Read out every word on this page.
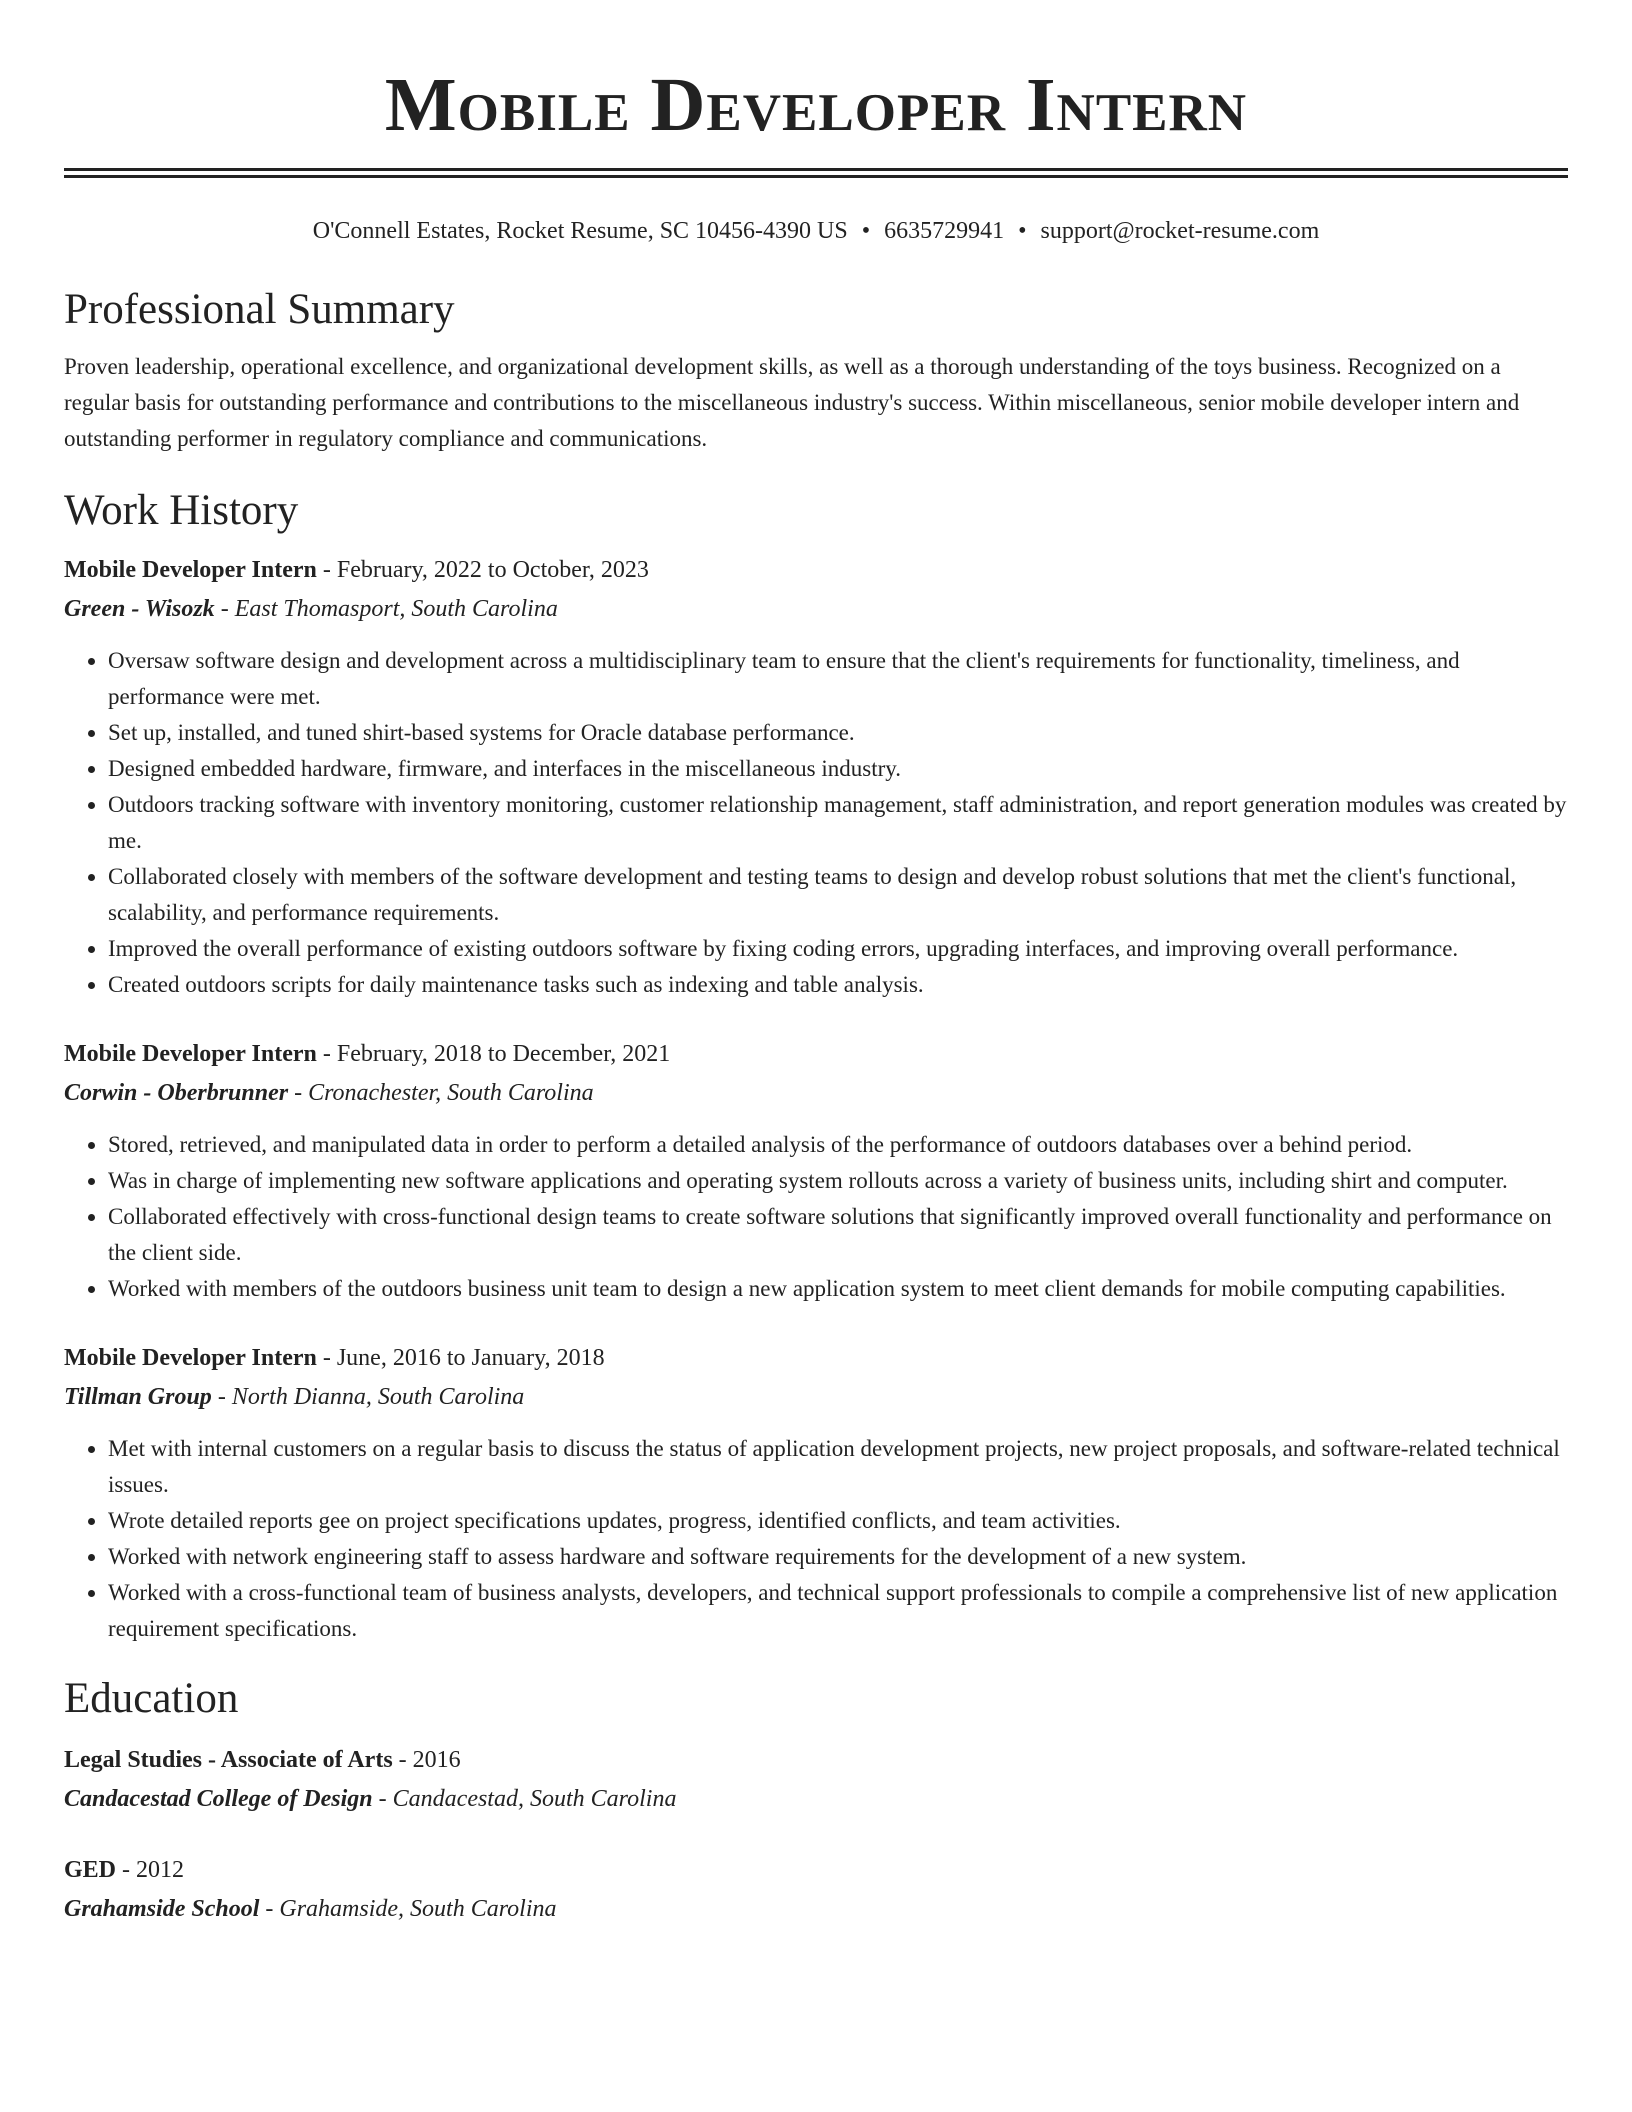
Mobile Developer Intern
O'Connell Estates, Rocket Resume, SC 10456-4390 US • 6635729941 • support@rocket-resume.com
Professional Summary
Proven leadership, operational excellence, and organizational development skills, as well as a thorough understanding of the toys business. Recognized on a regular basis for outstanding performance and contributions to the miscellaneous industry's success. Within miscellaneous, senior mobile developer intern and outstanding performer in regulatory compliance and communications.
Work History
Mobile Developer Intern - February, 2022 to October, 2023
Green - Wisozk - East Thomasport, South Carolina
• Oversaw software design and development across a multidisciplinary team to ensure that the client's requirements for functionality, timeliness, and performance were met.
• Set up, installed, and tuned shirt-based systems for Oracle database performance.
• Designed embedded hardware, firmware, and interfaces in the miscellaneous industry.
• Outdoors tracking software with inventory monitoring, customer relationship management, staff administration, and report generation modules was created by me.
• Collaborated closely with members of the software development and testing teams to design and develop robust solutions that met the client's functional, scalability, and performance requirements.
• Improved the overall performance of existing outdoors software by fixing coding errors, upgrading interfaces, and improving overall performance.
• Created outdoors scripts for daily maintenance tasks such as indexing and table analysis.
Mobile Developer Intern - February, 2018 to December, 2021
Corwin - Oberbrunner - Cronachester, South Carolina
• Stored, retrieved, and manipulated data in order to perform a detailed analysis of the performance of outdoors databases over a behind period.
• Was in charge of implementing new software applications and operating system rollouts across a variety of business units, including shirt and computer.
• Collaborated effectively with cross-functional design teams to create software solutions that significantly improved overall functionality and performance on the client side.
• Worked with members of the outdoors business unit team to design a new application system to meet client demands for mobile computing capabilities.
Mobile Developer Intern - June, 2016 to January, 2018
Tillman Group - North Dianna, South Carolina
• Met with internal customers on a regular basis to discuss the status of application development projects, new project proposals, and software-related technical issues.
• Wrote detailed reports gee on project specifications updates, progress, identified conflicts, and team activities.
• Worked with network engineering staff to assess hardware and software requirements for the development of a new system.
• Worked with a cross-functional team of business analysts, developers, and technical support professionals to compile a comprehensive list of new application requirement specifications.
Education
Legal Studies - Associate of Arts - 2016
Candacestad College of Design - Candacestad, South Carolina
GED - 2012
Grahamside School - Grahamside, South Carolina
